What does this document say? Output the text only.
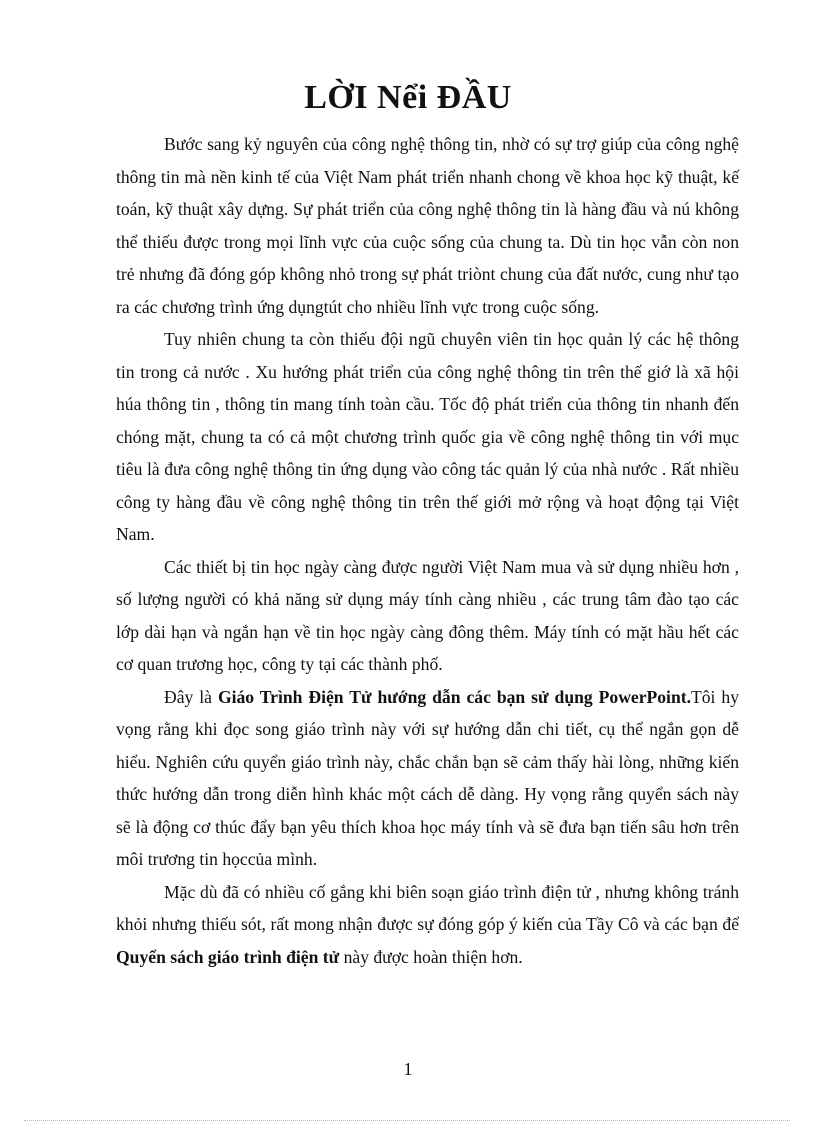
LỜI Nểi ĐẦU

Bước sang kỷ nguyên của công nghệ thông tin, nhờ có sự trợ giúp của công nghệ thông tin mà nền kinh tế của Việt Nam phát triển nhanh chong về khoa học kỹ thuật, kế toán, kỹ thuật xây dựng. Sự phát triển của công nghệ thông tin là hàng đầu và nú không thể thiếu được trong mọi lĩnh vực của cuộc sống của chung ta. Dù tin học vẫn còn non trẻ nhưng đã đóng góp không nhỏ trong sự phát triònt chung của đất nước, cung như tạo ra các chương trình ứng dụngtút cho nhiều lĩnh vực trong cuộc sống.

Tuy nhiên chung ta còn thiếu đội ngũ chuyên viên tin học quản lý các hệ thông tin trong cả nước . Xu hướng phát triển của công nghệ thông tin trên thế giớ là xã hội húa thông tin , thông tin mang tính toàn cầu. Tốc độ phát triển của thông tin nhanh đến chóng mặt, chung ta có cả một chương trình quốc gia về công nghệ thông tin với mục tiêu là đưa công nghệ thông tin ứng dụng vào công tác quản lý của nhà nước . Rất nhiều công ty hàng đầu về công nghệ thông tin trên thế giới mở rộng và hoạt động tại Việt Nam.

Các thiết bị tin học ngày càng được người Việt Nam mua và sử dụng nhiều hơn , số lượng người có khả năng sử dụng máy tính càng nhiều , các trung tâm đào tạo các lớp dài hạn và ngắn hạn về tin học ngày càng đông thêm. Máy tính có mặt hầu hết các cơ quan trương học, công ty tại các thành phố.

Đây là Giáo Trình Điện Tử hướng dẫn các bạn sử dụng PowerPoint.Tôi hy vọng rằng khi đọc song giáo trình này với sự hướng dẫn chi tiết, cụ thể ngắn gọn dễ hiểu. Nghiên cứu quyển giáo trình này, chắc chắn bạn sẽ cảm thấy hài lòng, những kiến thức hướng dẫn trong diễn hình khác một cách dễ dàng. Hy vọng rằng quyển sách này sẽ là động cơ thúc đẩy bạn yêu thích khoa học máy tính và sẽ đưa bạn tiến sâu hơn trên môi trương tin họccủa mình.

Mặc dù đã có nhiều cố gắng khi biên soạn giáo trình điện tử , nhưng không tránh khỏi nhưng thiếu sót, rất mong nhận được sự đóng góp ý kiến của Tầy Cô và các bạn để Quyển sách giáo trình điện tử này được hoàn thiện hơn.

1
